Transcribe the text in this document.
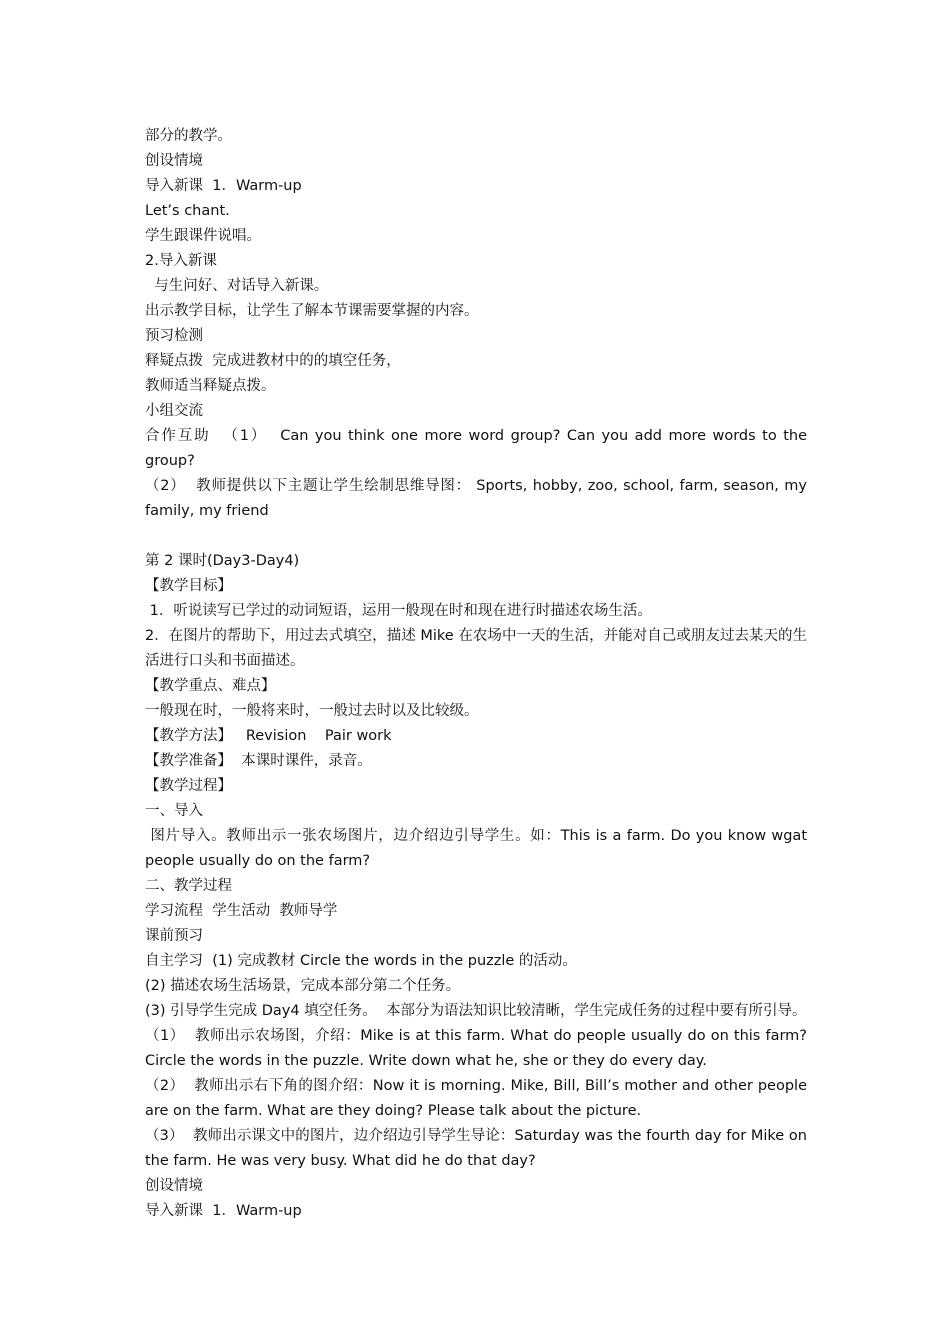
部分的教学。

创设情境

导入新课  1．Warm-up

Let’s chant.

学生跟课件说唱。

2.导入新课

与生问好、对话导入新课。

出示教学目标，让学生了解本节课需要掌握的内容。

预习检测

释疑点拨  完成进教材中的的填空任务，

教师适当释疑点拨。

小组交流

合作互助  （1）  Can you think one more word group? Can you add more words to the group?

（2）  教师提供以下主题让学生绘制思维导图： Sports, hobby, zoo, school, farm, season, my family, my friend

第 2 课时(Day3-Day4)

【教学目标】

1．听说读写已学过的动词短语，运用一般现在时和现在进行时描述农场生活。

2．在图片的帮助下，用过去式填空，描述 Mike 在农场中一天的生活，并能对自己或朋友过去某天的生活进行口头和书面描述。

【教学重点、难点】

一般现在时，一般将来时，一般过去时以及比较级。

【教学方法】   Revision    Pair work

【教学准备】  本课时课件，录音。

【教学过程】

一、导入

图片导入。教师出示一张农场图片，边介绍边引导学生。如：This is a farm. Do you know wgat people usually do on the farm?

二、教学过程

学习流程  学生活动  教师导学

课前预习

自主学习  (1) 完成教材 Circle the words in the puzzle 的活动。

(2) 描述农场生活场景，完成本部分第二个任务。

(3) 引导学生完成 Day4 填空任务。  本部分为语法知识比较清晰，学生完成任务的过程中要有所引导。

（1）  教师出示农场图，介绍：Mike is at this farm. What do people usually do on this farm? Circle the words in the puzzle. Write down what he, she or they do every day.

（2）  教师出示右下角的图介绍：Now it is morning. Mike, Bill, Bill’s mother and other people are on the farm. What are they doing? Please talk about the picture.

（3）  教师出示课文中的图片，边介绍边引导学生导论：Saturday was the fourth day for Mike on the farm. He was very busy. What did he do that day?

创设情境

导入新课  1．Warm-up
